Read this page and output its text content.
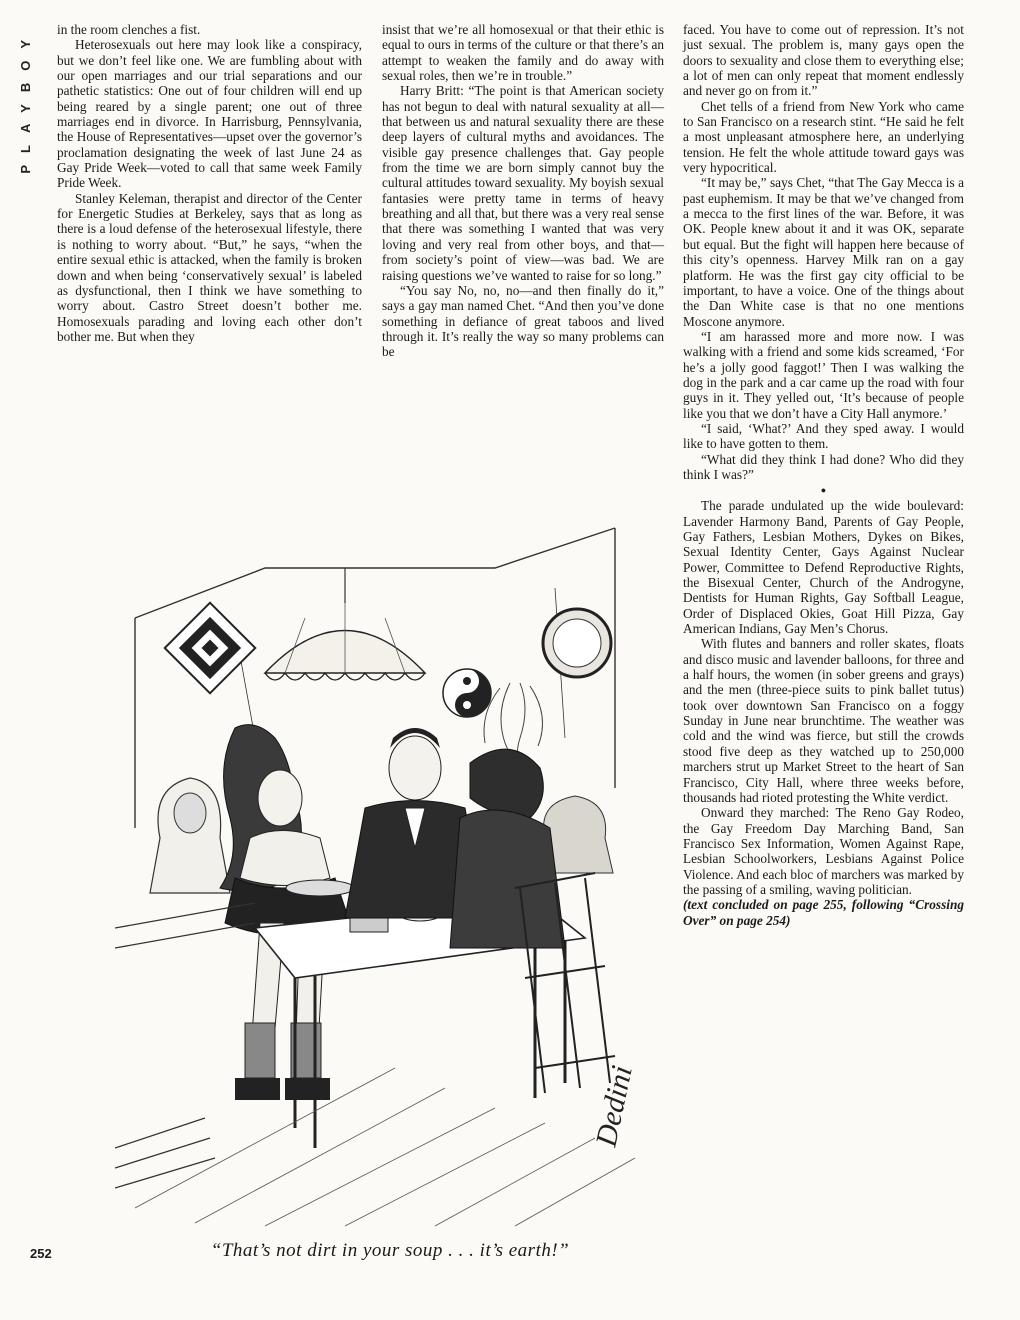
PLAYBOY in the room clenches a fist.

Heterosexuals out here may look like a conspiracy, but we don’t feel like one. We are fumbling about with our open marriages and our trial separations and our pathetic statistics: One out of four children will end up being reared by a single parent; one out of three marriages end in divorce. In Harrisburg, Pennsylvania, the House of Representatives—upset over the governor’s proclamation designating the week of last June 24 as Gay Pride Week—voted to call that same week Family Pride Week.

Stanley Keleman, therapist and director of the Center for Energetic Studies at Berkeley, says that as long as there is a loud defense of the heterosexual lifestyle, there is nothing to worry about. “But,” he says, “when the entire sexual ethic is attacked, when the family is broken down and when being ‘conservatively sexual’ is labeled as dysfunctional, then I think we have something to worry about. Castro Street doesn’t bother me. Homosexuals parading and loving each other don’t bother me. But when they

insist that we’re all homosexual or that their ethic is equal to ours in terms of the culture or that there’s an attempt to weaken the family and do away with sexual roles, then we’re in trouble.”

Harry Britt: “The point is that American society has not begun to deal with natural sexuality at all—that between us and natural sexuality there are these deep layers of cultural myths and avoidances. The visible gay presence challenges that. Gay people from the time we are born simply cannot buy the cultural attitudes toward sexuality. My boyish sexual fantasies were pretty tame in terms of heavy breathing and all that, but there was a very real sense that there was something I wanted that was very loving and very real from other boys, and that—from society’s point of view—was bad. We are raising questions we’ve wanted to raise for so long.”

“You say No, no, no—and then finally do it,” says a gay man named Chet. “And then you’ve done something in defiance of great taboos and lived through it. It’s really the way so many problems can be

faced. You have to come out of repression. It’s not just sexual. The problem is, many gays open the doors to sexuality and close them to everything else; a lot of men can only repeat that moment endlessly and never go on from it.”

Chet tells of a friend from New York who came to San Francisco on a research stint. “He said he felt a most unpleasant atmosphere here, an underlying tension. He felt the whole attitude toward gays was very hypocritical.

“It may be,” says Chet, “that The Gay Mecca is a past euphemism. It may be that we’ve changed from a mecca to the first lines of the war. Before, it was OK. People knew about it and it was OK, separate but equal. But the fight will happen here because of this city’s openness. Harvey Milk ran on a gay platform. He was the first gay city official to be important, to have a voice. One of the things about the Dan White case is that no one mentions Moscone anymore.

“I am harassed more and more now. I was walking with a friend and some kids screamed, ‘For he’s a jolly good faggot!’ Then I was walking the dog in the park and a car came up the road with four guys in it. They yelled out, ‘It’s because of people like you that we don’t have a City Hall anymore.’

“I said, ‘What?’ And they sped away. I would like to have gotten to them.

“What did they think I had done? Who did they think I was?”

●

The parade undulated up the wide boulevard: Lavender Harmony Band, Parents of Gay People, Gay Fathers, Lesbian Mothers, Dykes on Bikes, Sexual Identity Center, Gays Against Nuclear Power, Committee to Defend Reproductive Rights, the Bisexual Center, Church of the Androgyne, Dentists for Human Rights, Gay Softball League, Order of Displaced Okies, Goat Hill Pizza, Gay American Indians, Gay Men’s Chorus.

With flutes and banners and roller skates, floats and disco music and lavender balloons, for three and a half hours, the women (in sober greens and grays) and the men (three-piece suits to pink ballet tutus) took over downtown San Francisco on a foggy Sunday in June near brunchtime. The weather was cold and the wind was fierce, but still the crowds stood five deep as they watched up to 250,000 marchers strut up Market Street to the heart of San Francisco, City Hall, where three weeks before, thousands had rioted protesting the White verdict.

Onward they marched: The Reno Gay Rodeo, the Gay Freedom Day Marching Band, San Francisco Sex Information, Women Against Rape, Lesbian Schoolworkers, Lesbians Against Police Violence. And each bloc of marchers was marked by the passing of a smiling, waving politician.

(text concluded on page 255, following “Crossing Over” on page 254)

Dedini
“That’s not dirt in your soup . . . it’s earth!”
252
